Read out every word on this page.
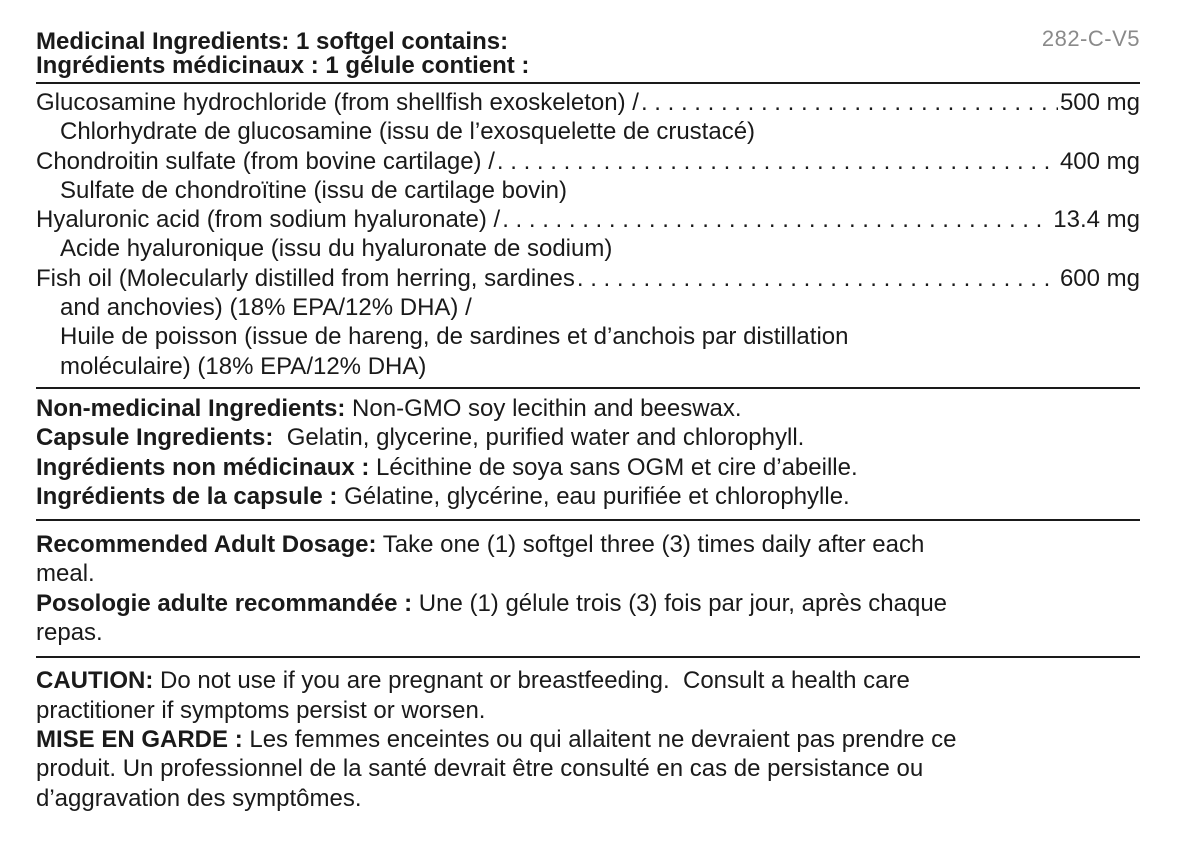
282-C-V5
Medicinal Ingredients: 1 softgel contains:
Ingrédients médicinaux : 1 gélule contient :
Glucosamine hydrochloride (from shellfish exoskeleton) / . . .	500 mg
Chlorhydrate de glucosamine (issu de l’exosquelette de crustacé)
Chondroitin sulfate (from bovine cartilage) / . . .	400 mg
Sulfate de chondroïtine (issu de cartilage bovin)
Hyaluronic acid (from sodium hyaluronate) / . . .	13.4 mg
Acide hyaluronique (issu du hyaluronate de sodium)
Fish oil (Molecularly distilled from herring, sardines . . .	600 mg
and anchovies) (18% EPA/12% DHA) /
Huile de poisson (issue de hareng, de sardines et d’anchois par distillation
moléculaire) (18% EPA/12% DHA)
Non-medicinal Ingredients: Non-GMO soy lecithin and beeswax.
Capsule Ingredients:  Gelatin, glycerine, purified water and chlorophyll.
Ingrédients non médicinaux : Lécithine de soya sans OGM et cire d’abeille.
Ingrédients de la capsule : Gélatine, glycérine, eau purifiée et chlorophylle.
Recommended Adult Dosage: Take one (1) softgel three (3) times daily after each
meal.
Posologie adulte recommandée : Une (1) gélule trois (3) fois par jour, après chaque
repas.
CAUTION: Do not use if you are pregnant or breastfeeding.  Consult a health care
practitioner if symptoms persist or worsen.
MISE EN GARDE : Les femmes enceintes ou qui allaitent ne devraient pas prendre ce
produit. Un professionnel de la santé devrait être consulté en cas de persistance ou
d’aggravation des symptômes.
